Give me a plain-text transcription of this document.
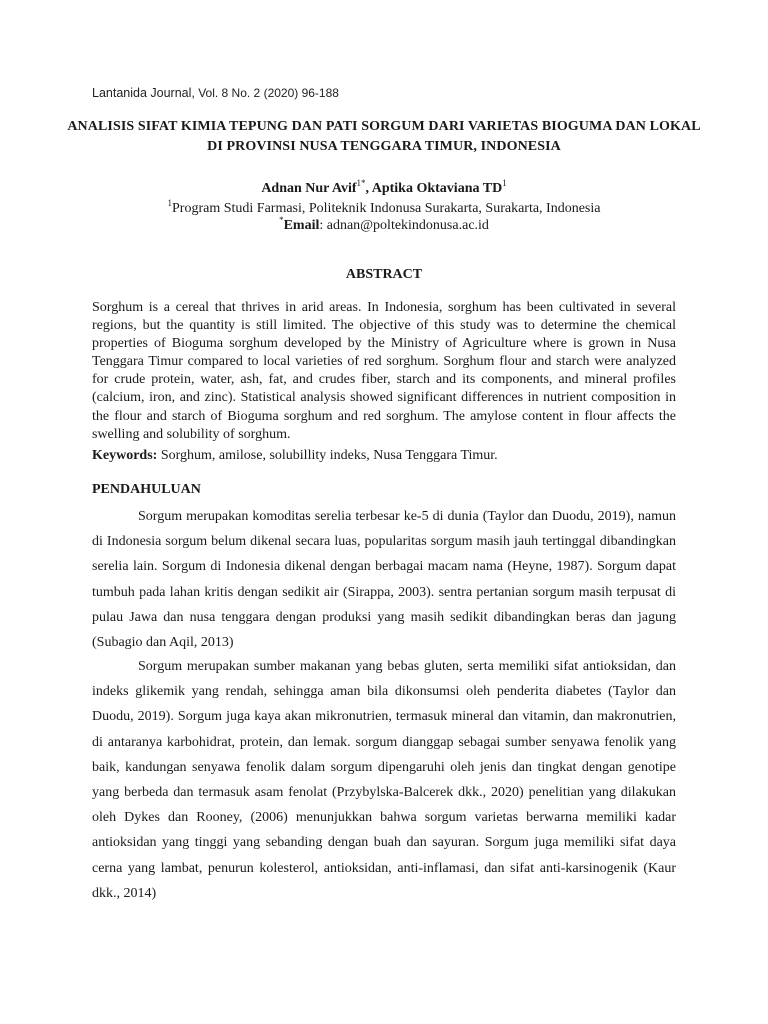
Lantanida Journal, Vol. 8 No. 2 (2020) 96-188
ANALISIS SIFAT KIMIA TEPUNG DAN PATI SORGUM DARI VARIETAS BIOGUMA DAN LOKAL DI PROVINSI NUSA TENGGARA TIMUR, INDONESIA
Adnan Nur Avif$^{1*}$, Aptika Oktaviana $TD^1$
$^1$Program Studi Farmasi, Politeknik Indonusa Surakarta, Surakarta, Indonesia
*Email: adnan@poltekindonusa.ac.id
ABSTRACT
Sorghum is a cereal that thrives in arid areas. In Indonesia, sorghum has been cultivated in several regions, but the quantity is still limited. The objective of this study was to determine the chemical properties of Bioguma sorghum developed by the Ministry of Agriculture where is grown in Nusa Tenggara Timur compared to local varieties of red sorghum. Sorghum flour and starch were analyzed for crude protein, water, ash, fat, and crudes fiber, starch and its components, and mineral profiles (calcium, iron, and zinc). Statistical analysis showed significant differences in nutrient composition in the flour and starch of Bioguma sorghum and red sorghum. The amylose content in flour affects the swelling and solubility of sorghum.
Keywords: Sorghum, amilose, solubillity indeks, Nusa Tenggara Timur.
PENDAHULUAN
Sorgum merupakan komoditas serelia terbesar ke-5 di dunia (Taylor dan Duodu, 2019), namun di Indonesia sorgum belum dikenal secara luas, popularitas sorgum masih jauh tertinggal dibandingkan serelia lain. Sorgum di Indonesia dikenal dengan berbagai macam nama (Heyne, 1987). Sorgum dapat tumbuh pada lahan kritis dengan sedikit air (Sirappa, 2003). sentra pertanian sorgum masih terpusat di pulau Jawa dan nusa tenggara dengan produksi yang masih sedikit dibandingkan beras dan jagung (Subagio dan Aqil, 2013)
Sorgum merupakan sumber makanan yang bebas gluten, serta memiliki sifat antioksidan, dan indeks glikemik yang rendah, sehingga aman bila dikonsumsi oleh penderita diabetes (Taylor dan Duodu, 2019). Sorgum juga kaya akan mikronutrien, termasuk mineral dan vitamin, dan makronutrien, di antaranya karbohidrat, protein, dan lemak. sorgum dianggap sebagai sumber senyawa fenolik yang baik, kandungan senyawa fenolik dalam sorgum dipengaruhi oleh jenis dan tingkat dengan genotipe yang berbeda dan termasuk asam fenolat (Przybylska-Balcerek dkk., 2020) penelitian yang dilakukan oleh Dykes dan Rooney, (2006) menunjukkan bahwa sorgum varietas berwarna memiliki kadar antioksidan yang tinggi yang sebanding dengan buah dan sayuran. Sorgum juga memiliki sifat daya cerna yang lambat, penurun kolesterol, antioksidan, anti-inflamasi, dan sifat anti-karsinogenik (Kaur dkk., 2014)
